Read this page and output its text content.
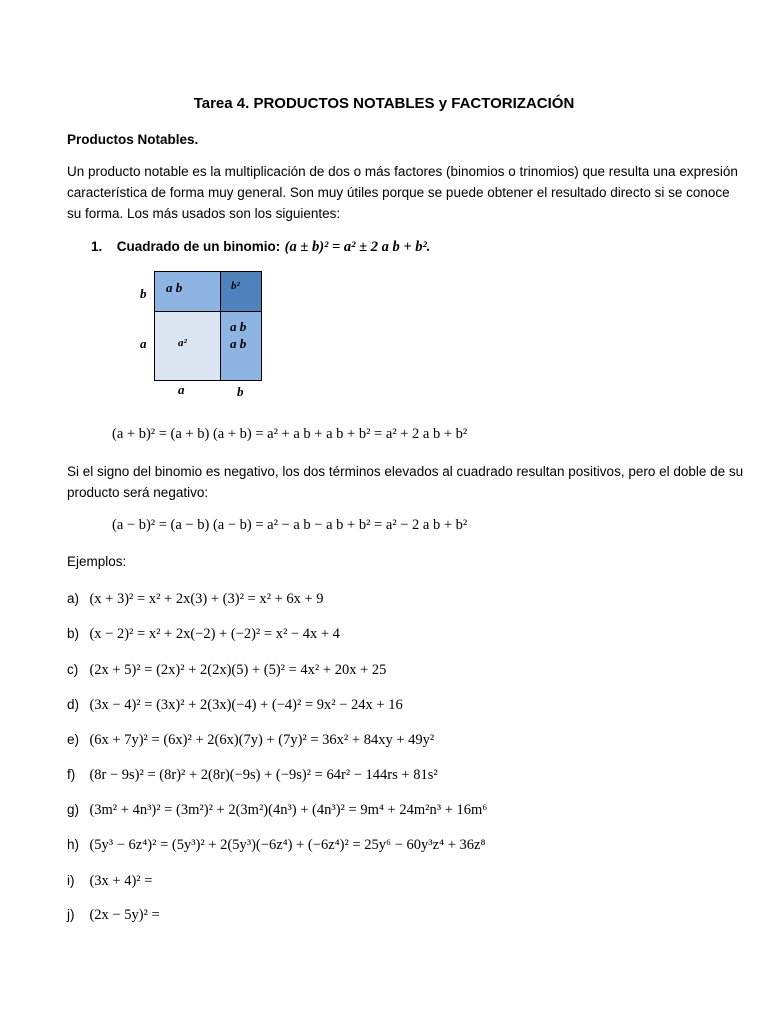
Tarea 4. PRODUCTOS NOTABLES y FACTORIZACIÓN
Productos Notables.
Un producto notable es la multiplicación de dos o más factores (binomios o trinomios) que resulta una expresión
característica de forma muy general. Son muy útiles porque se puede obtener el resultado directo si se conoce
su forma. Los más usados son los siguientes:
1. Cuadrado de un binomio: (a ± b)² = a² ± 2 a b + b².
a b	b²
a²
a b
a b
b
a
a	b
(a + b)² = (a + b) (a + b) = a² + a b + a b + b² = a² + 2 a b + b²
Si el signo del binomio es negativo, los dos términos elevados al cuadrado resultan positivos, pero el doble de su
producto será negativo:
(a − b)² = (a − b) (a − b) = a² − a b − a b + b² = a² − 2 a b + b²
Ejemplos:
a) (x + 3)² = x² + 2x(3) + (3)² = x² + 6x + 9
b) (x − 2)² = x² + 2x(−2) + (−2)² = x² − 4x + 4
c) (2x + 5)² = (2x)² + 2(2x)(5) + (5)² = 4x² + 20x + 25
d) (3x − 4)² = (3x)² + 2(3x)(−4) + (−4)² = 9x² − 24x + 16
e) (6x + 7y)² = (6x)² + 2(6x)(7y) + (7y)² = 36x² + 84xy + 49y²
f) (8r − 9s)² = (8r)² + 2(8r)(−9s) + (−9s)² = 64r² − 144rs + 81s²
g) (3m² + 4n³)² = (3m²)² + 2(3m²)(4n³) + (4n³)² = 9m⁴ + 24m²n³ + 16m⁶
h) (5y³ − 6z⁴)² = (5y³)² + 2(5y³)(−6z⁴) + (−6z⁴)² = 25y⁶ − 60y³z⁴ + 36z⁸
i) (3x + 4)² =
j) (2x − 5y)² =
